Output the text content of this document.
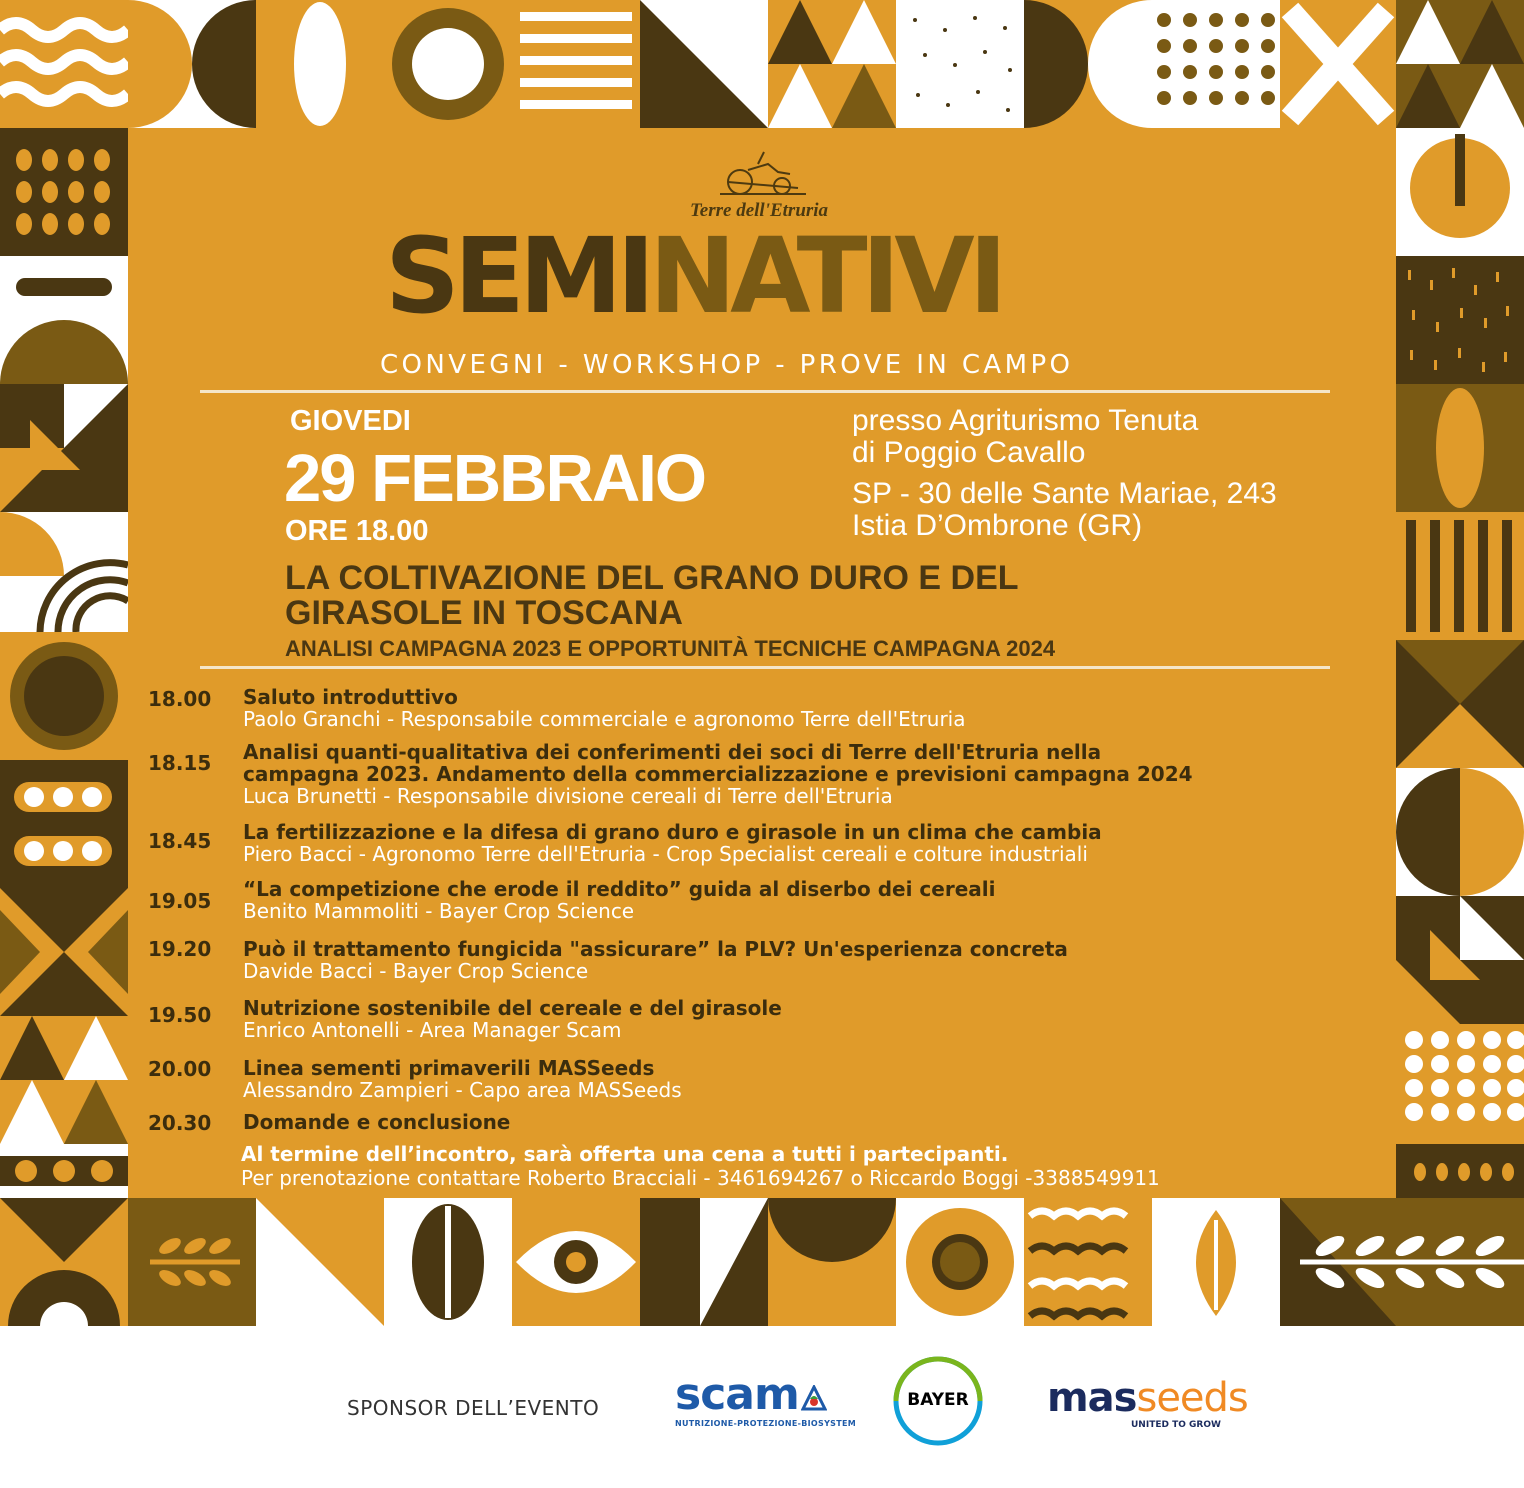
Terre dell'Etruria
SEMINATIVI
CONVEGNI - WORKSHOP - PROVE IN CAMPO
GIOVEDI
29 FEBBRAIO
ORE 18.00
presso Agriturismo Tenuta
di Poggio Cavallo
SP - 30 delle Sante Mariae, 243
Istia D’Ombrone (GR)
LA COLTIVAZIONE DEL GRANO DURO E DEL
GIRASOLE IN TOSCANA
ANALISI CAMPAGNA 2023 E OPPORTUNITÀ TECNICHE CAMPAGNA 2024
18.00 Saluto introduttivo
Paolo Granchi - Responsabile commerciale e agronomo Terre dell'Etruria
18.15 Analisi quanti-qualitativa dei conferimenti dei soci di Terre dell'Etruria nella
campagna 2023. Andamento della commercializzazione e previsioni campagna 2024
Luca Brunetti - Responsabile divisione cereali di Terre dell'Etruria
18.45 La fertilizzazione e la difesa di grano duro e girasole in un clima che cambia
Piero Bacci - Agronomo Terre dell'Etruria - Crop Specialist cereali e colture industriali
19.05 “La competizione che erode il reddito” guida al diserbo dei cereali
Benito Mammoliti - Bayer Crop Science
19.20 Può il trattamento fungicida "assicurare” la PLV? Un'esperienza concreta
Davide Bacci - Bayer Crop Science
19.50 Nutrizione sostenibile del cereale e del girasole
Enrico Antonelli - Area Manager Scam
20.00 Linea sementi primaverili MASSeeds
Alessandro Zampieri - Capo area MASSeeds
20.30 Domande e conclusione
Al termine dell’incontro, sarà offerta una cena a tutti i partecipanti.
Per prenotazione contattare Roberto Bracciali - 3461694267 o Riccardo Boggi -3388549911
SPONSOR DELL’EVENTO scam
NUTRIZIONE-PROTEZIONE-BIOSYSTEM
BAYER	masseeds
UNITED TO GROW
